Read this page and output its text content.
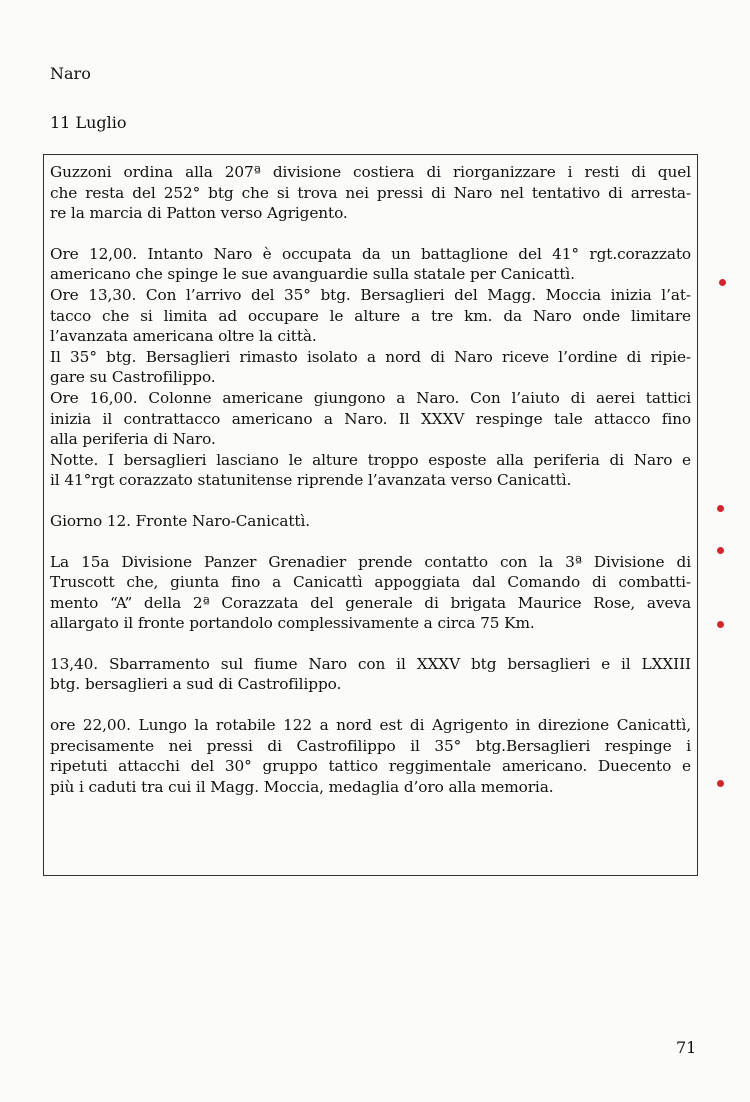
Naro

11 Luglio

Guzzoni ordina alla 207ª divisione costiera di riorganizzare i resti di quel
che resta del 252° btg che si trova nei pressi di Naro nel tentativo di arresta-
re la marcia di Patton verso Agrigento.

Ore 12,00. Intanto Naro è occupata da un battaglione del 41° rgt.corazzato
americano che spinge le sue avanguardie sulla statale per Canicattì.
Ore 13,30. Con l’arrivo del 35° btg. Bersaglieri del Magg. Moccia inizia l’at-
tacco che si limita ad occupare le alture a tre km. da Naro onde limitare
l’avanzata americana oltre la città.
Il 35° btg. Bersaglieri rimasto isolato a nord di Naro riceve l’ordine di ripie-
gare su Castrofilippo.
Ore 16,00. Colonne americane giungono a Naro. Con l’aiuto di aerei tattici
inizia il contrattacco americano a Naro. Il XXXV respinge tale attacco fino
alla periferia di Naro.
Notte. I bersaglieri lasciano le alture troppo esposte alla periferia di Naro e
il 41°rgt corazzato statunitense riprende l’avanzata verso Canicattì.

Giorno 12. Fronte Naro-Canicattì.

La 15a Divisione Panzer Grenadier prende contatto con la 3ª Divisione di
Truscott che, giunta fino a Canicattì appoggiata dal Comando di combatti-
mento “A” della 2ª Corazzata del generale di brigata Maurice Rose, aveva
allargato il fronte portandolo complessivamente a circa 75 Km.

13,40. Sbarramento sul fiume Naro con il XXXV btg bersaglieri e il LXXIII
btg. bersaglieri a sud di Castrofilippo.

ore 22,00. Lungo la rotabile 122 a nord est di Agrigento in direzione Canicattì,
precisamente nei pressi di Castrofilippo il 35° btg.Bersaglieri respinge i
ripetuti attacchi del 30° gruppo tattico reggimentale americano. Duecento e
più i caduti tra cui il Magg. Moccia, medaglia d’oro alla memoria.

71
